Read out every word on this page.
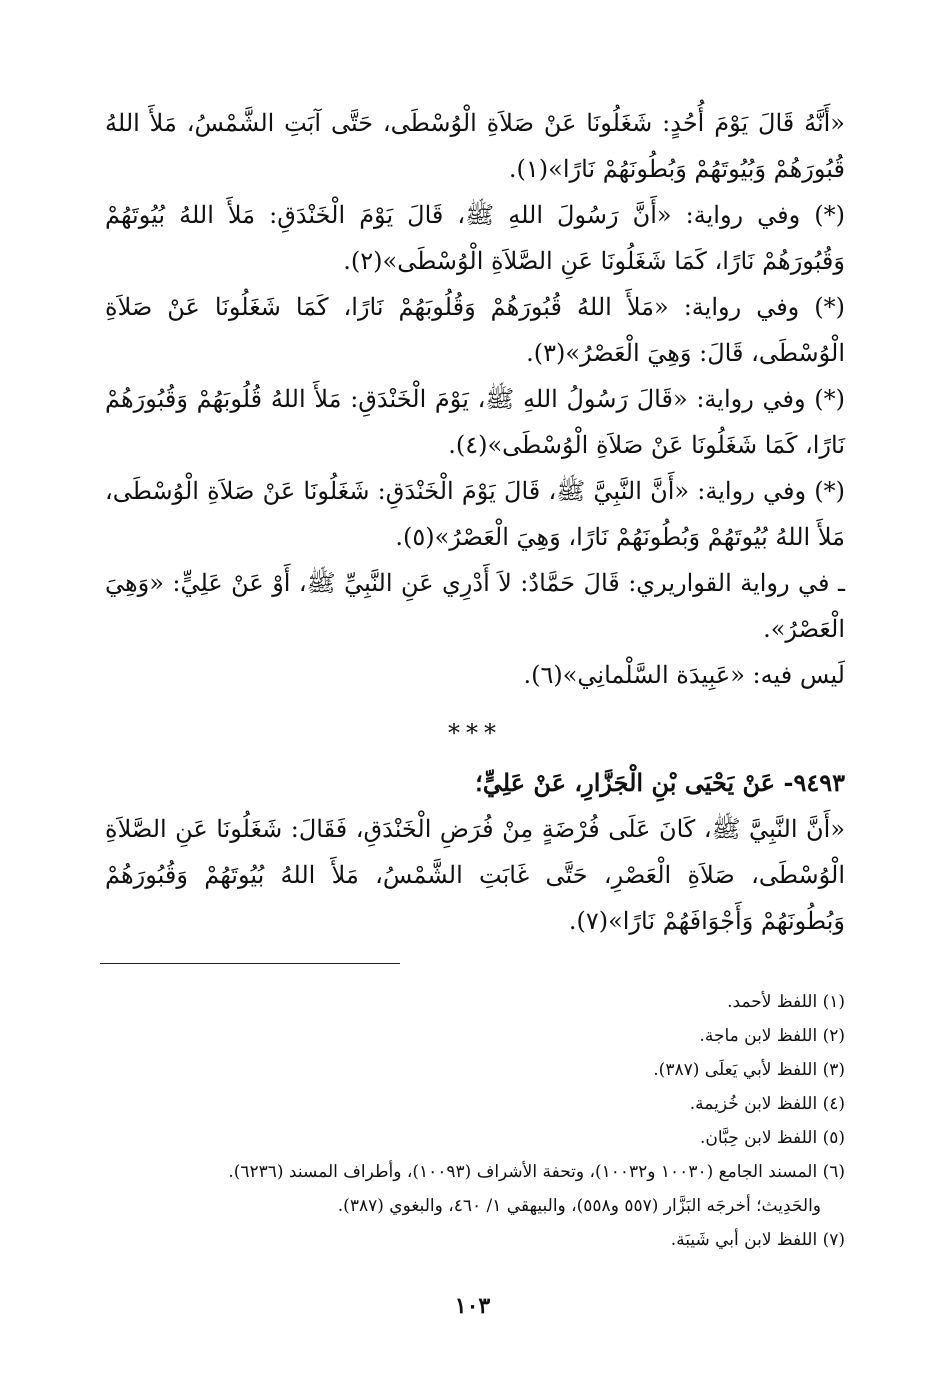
«أَنَّهُ قَالَ يَوْمَ أُحُدٍ: شَغَلُونَا عَنْ صَلاَةِ الْوُسْطَى، حَتَّى آبَتِ الشَّمْسُ، مَلأَ اللهُ قُبُورَهُمْ وَبُيُوتَهُمْ وَبُطُونَهُمْ نَارًا»(١).

(*) وفي رواية: «أَنَّ رَسُولَ اللهِ ﷺ، قَالَ يَوْمَ الْخَنْدَقِ: مَلأَ اللهُ بُيُوتَهُمْ وَقُبُورَهُمْ نَارًا، كَمَا شَغَلُونَا عَنِ الصَّلاَةِ الْوُسْطَى»(٢).

(*) وفي رواية: «مَلأَ اللهُ قُبُورَهُمْ وَقُلُوبَهُمْ نَارًا، كَمَا شَغَلُونَا عَنْ صَلاَةِ الْوُسْطَى، قَالَ: وَهِيَ الْعَصْرُ»(٣).

(*) وفي رواية: «قَالَ رَسُولُ اللهِ ﷺ، يَوْمَ الْخَنْدَقِ: مَلأَ اللهُ قُلُوبَهُمْ وَقُبُورَهُمْ نَارًا، كَمَا شَغَلُونَا عَنْ صَلاَةِ الْوُسْطَى»(٤).

(*) وفي رواية: «أَنَّ النَّبِيَّ ﷺ، قَالَ يَوْمَ الْخَنْدَقِ: شَغَلُونَا عَنْ صَلاَةِ الْوُسْطَى، مَلأَ اللهُ بُيُوتَهُمْ وَبُطُونَهُمْ نَارًا، وَهِيَ الْعَصْرُ»(٥).

ـ في رواية القواريري: قَالَ حَمَّادٌ: لاَ أَدْرِي عَنِ النَّبِيِّ ﷺ، أَوْ عَنْ عَلِيٍّ: «وَهِيَ الْعَصْرُ».

لَيس فيه: «عَبِيدَة السَّلْمانِي»(٦).

***

٩٤٩٣- عَنْ يَحْيَى بْنِ الْجَزَّارِ، عَنْ عَلِيٍّ؛

«أَنَّ النَّبِيَّ ﷺ، كَانَ عَلَى فُرْضَةٍ مِنْ فُرَضِ الْخَنْدَقِ، فَقَالَ: شَغَلُونَا عَنِ الصَّلاَةِ الْوُسْطَى، صَلاَةِ الْعَصْرِ، حَتَّى غَابَتِ الشَّمْسُ، مَلأَ اللهُ بُيُوتَهُمْ وَقُبُورَهُمْ وَبُطُونَهُمْ وَأَجْوَافَهُمْ نَارًا»(٧).

(١) اللفظ لأحمد.

(٢) اللفظ لابن ماجة.

(٣) اللفظ لأبي يَعلَى (٣٨٧).

(٤) اللفظ لابن خُزيمة.

(٥) اللفظ لابن حِبَّان.

(٦) المسند الجامع (١٠٠٣٠ و١٠٠٣٢)، وتحفة الأشراف (١٠٠٩٣)، وأطراف المسند (٦٢٣٦).

والحَدِيث؛ أخرجَه البَزَّار (٥٥٧ و٥٥٨)، والبيهقي ١/ ٤٦٠، والبغوي (٣٨٧).

(٧) اللفظ لابن أبي شَيبَة.

١٠٣
